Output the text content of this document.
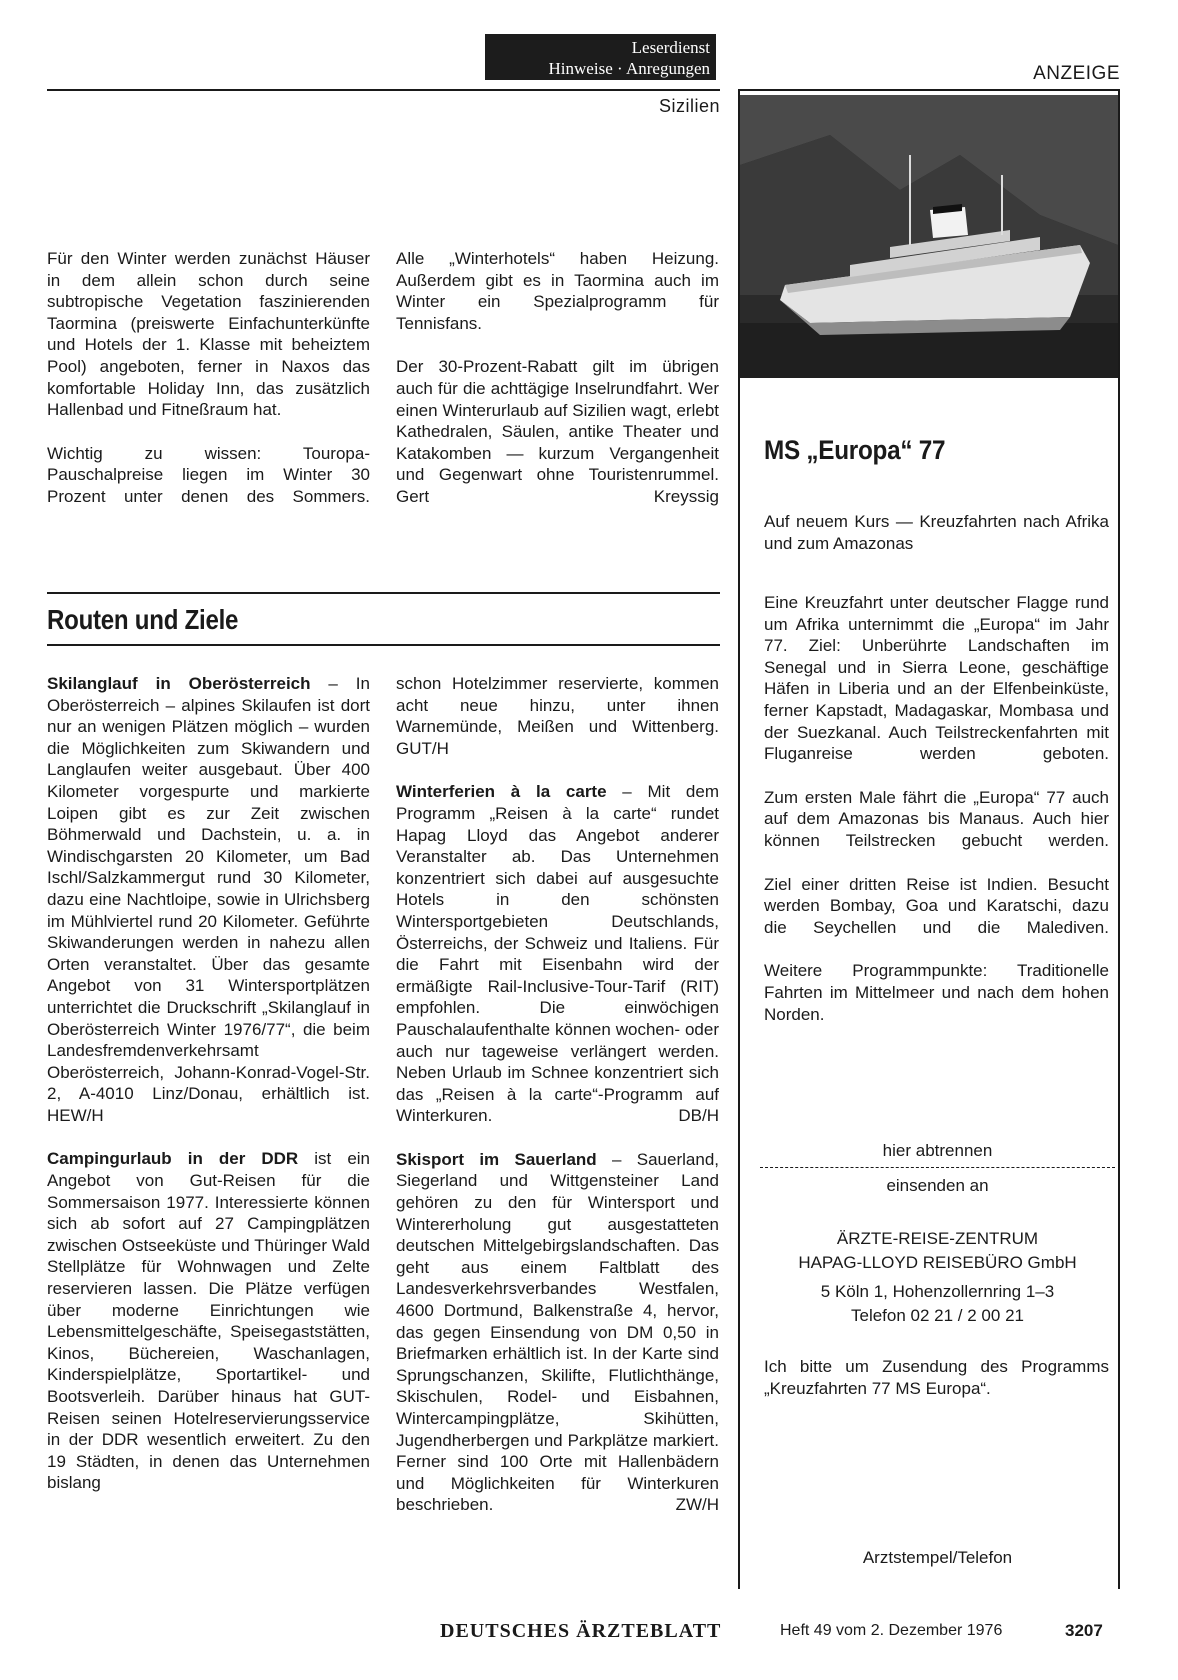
Leserdienst
Hinweise · Anregungen	ANZEIGE
Sizilien

Für den Winter werden zunächst Häuser in dem allein schon durch seine subtropische Vegetation faszinierenden Taormina (preiswerte Einfachunterkünfte und Hotels der 1. Klasse mit beheiztem Pool) angeboten, ferner in Naxos das komfortable Holiday Inn, das zusätzlich Hallenbad und Fitneßraum hat.

Wichtig zu wissen: Touropa-Pauschalpreise liegen im Winter 30 Prozent unter denen des Sommers.

Alle „Winterhotels“ haben Heizung. Außerdem gibt es in Taormina auch im Winter ein Spezialprogramm für Tennisfans.

Der 30-Prozent-Rabatt gilt im übrigen auch für die achttägige Inselrundfahrt. Wer einen Winterurlaub auf Sizilien wagt, erlebt Kathedralen, Säulen, antike Theater und Katakomben — kurzum Vergangenheit und Gegenwart ohne Touristenrummel. Gert Kreyssig

Routen und Ziele

Skilanglauf in Oberösterreich – In Oberösterreich – alpines Skilaufen ist dort nur an wenigen Plätzen möglich – wurden die Möglichkeiten zum Skiwandern und Langlaufen weiter ausgebaut. Über 400 Kilometer vorgespurte und markierte Loipen gibt es zur Zeit zwischen Böhmerwald und Dachstein, u. a. in Windischgarsten 20 Kilometer, um Bad Ischl/Salzkammergut rund 30 Kilometer, dazu eine Nachtloipe, sowie in Ulrichsberg im Mühlviertel rund 20 Kilometer. Geführte Skiwanderungen werden in nahezu allen Orten veranstaltet. Über das gesamte Angebot von 31 Wintersportplätzen unterrichtet die Druckschrift „Skilanglauf in Oberösterreich Winter 1976/77“, die beim Landesfremdenverkehrsamt Oberösterreich, Johann-Konrad-Vogel-Str. 2, A-4010 Linz/Donau, erhältlich ist. HEW/H

Campingurlaub in der DDR ist ein Angebot von Gut-Reisen für die Sommersaison 1977. Interessierte können sich ab sofort auf 27 Campingplätzen zwischen Ostseeküste und Thüringer Wald Stellplätze für Wohnwagen und Zelte reservieren lassen. Die Plätze verfügen über moderne Einrichtungen wie Lebensmittelgeschäfte, Speisegaststätten, Kinos, Büchereien, Waschanlagen, Kinderspielplätze, Sportartikel- und Bootsverleih. Darüber hinaus hat GUT-Reisen seinen Hotelreservierungsservice in der DDR wesentlich erweitert. Zu den 19 Städten, in denen das Unternehmen bislang

schon Hotelzimmer reservierte, kommen acht neue hinzu, unter ihnen Warnemünde, Meißen und Wittenberg. GUT/H

Winterferien à la carte – Mit dem Programm „Reisen à la carte“ rundet Hapag Lloyd das Angebot anderer Veranstalter ab. Das Unternehmen konzentriert sich dabei auf ausgesuchte Hotels in den schönsten Wintersportgebieten Deutschlands, Österreichs, der Schweiz und Italiens. Für die Fahrt mit Eisenbahn wird der ermäßigte Rail-Inclusive-Tour-Tarif (RIT) empfohlen. Die einwöchigen Pauschalaufenthalte können wochen- oder auch nur tageweise verlängert werden. Neben Urlaub im Schnee konzentriert sich das „Reisen à la carte“-Programm auf Winterkuren. DB/H

Skisport im Sauerland – Sauerland, Siegerland und Wittgensteiner Land gehören zu den für Wintersport und Wintererholung gut ausgestatteten deutschen Mittelgebirgslandschaften. Das geht aus einem Faltblatt des Landesverkehrsverbandes Westfalen, 4600 Dortmund, Balkenstraße 4, hervor, das gegen Einsendung von DM 0,50 in Briefmarken erhältlich ist. In der Karte sind Sprungschanzen, Skilifte, Flutlichthänge, Skischulen, Rodel- und Eisbahnen, Wintercampingplätze, Skihütten, Jugendherbergen und Parkplätze markiert. Ferner sind 100 Orte mit Hallenbädern und Möglichkeiten für Winterkuren beschrieben. ZW/H

MS „Europa“ 77
Auf neuem Kurs — Kreuzfahrten nach Afrika und zum Amazonas

Eine Kreuzfahrt unter deutscher Flagge rund um Afrika unternimmt die „Europa“ im Jahr 77. Ziel: Unberührte Landschaften im Senegal und in Sierra Leone, geschäftige Häfen in Liberia und an der Elfenbeinküste, ferner Kapstadt, Madagaskar, Mombasa und der Suezkanal. Auch Teilstreckenfahrten mit Fluganreise werden geboten.

Zum ersten Male fährt die „Europa“ 77 auch auf dem Amazonas bis Manaus. Auch hier können Teilstrecken gebucht werden.

Ziel einer dritten Reise ist Indien. Besucht werden Bombay, Goa und Karatschi, dazu die Seychellen und die Malediven.

Weitere Programmpunkte: Traditionelle Fahrten im Mittelmeer und nach dem hohen Norden.

hier abtrennen
einsenden an
ÄRZTE-REISE-ZENTRUM
HAPAG-LLOYD REISEBÜRO GmbH
5 Köln 1, Hohenzollernring 1–3
Telefon 02 21 / 2 00 21
Ich bitte um Zusendung des Programms „Kreuzfahrten 77 MS Europa“.
Arztstempel/Telefon
DEUTSCHES ÄRZTEBLATT	Heft 49 vom 2. Dezember 1976	3207
